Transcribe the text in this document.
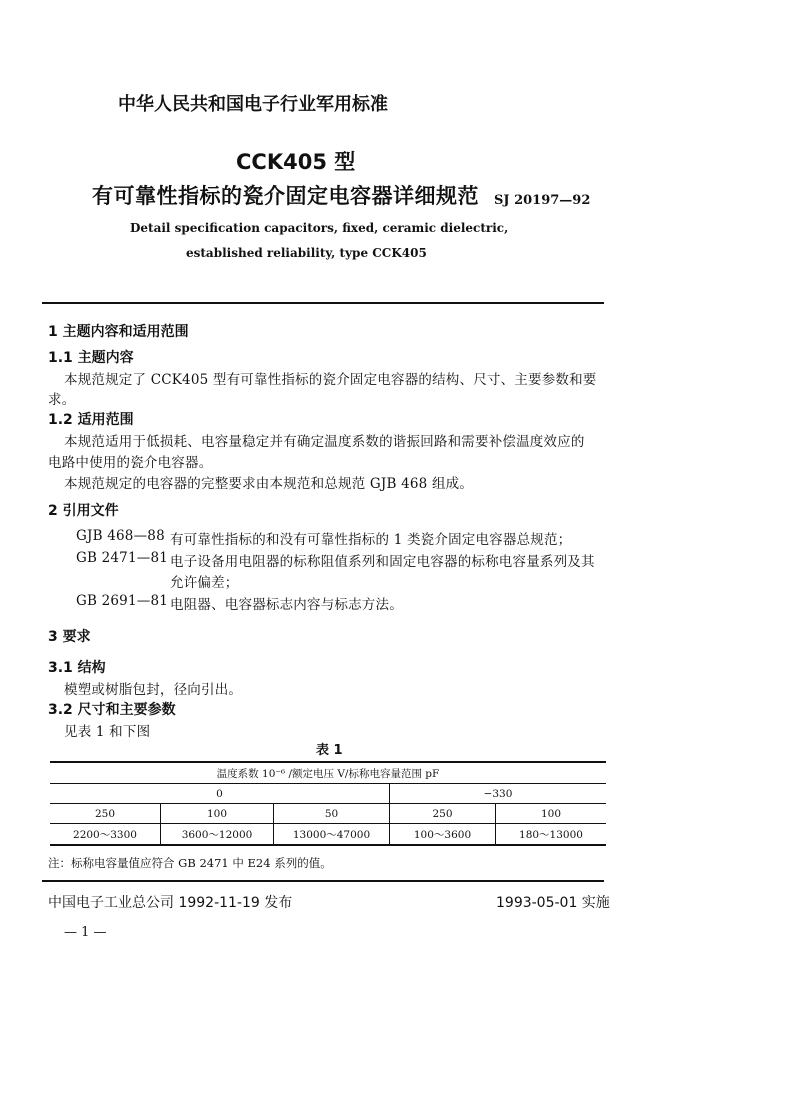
中华人民共和国电子行业军用标准
CCK405 型
有可靠性指标的瓷介固定电容器详细规范 SJ 20197—92
Detail specification capacitors, fixed, ceramic dielectric,
established reliability, type CCK405
1 主题内容和适用范围
1.1 主题内容
本规范规定了 CCK405 型有可靠性指标的瓷介固定电容器的结构、尺寸、主要参数和要
求。
1.2 适用范围
本规范适用于低损耗、电容量稳定并有确定温度系数的谐振回路和需要补偿温度效应的
电路中使用的瓷介电容器。
本规范规定的电容器的完整要求由本规范和总规范 GJB 468 组成。
2 引用文件
GJB 468—88 有可靠性指标的和没有可靠性指标的 1 类瓷介固定电容器总规范；
GB 2471—81 电子设备用电阻器的标称阻值系列和固定电容器的标称电容量系列及其
允许偏差；
GB 2691—81 电阻器、电容器标志内容与标志方法。
3 要求
3.1 结构
模塑或树脂包封，径向引出。
3.2 尺寸和主要参数
见表 1 和下图
表 1
温度系数 10⁻⁶ /额定电压 V/标称电容量范围 pF				
0			−330	
250	100	50	250	100
2200～3300	3600～12000	13000～47000	100～3600	180～13000
注：标称电容量值应符合 GB 2471 中 E24 系列的值。
中国电子工业总公司 1992-11-19 发布	1993-05-01 实施
— 1 —
